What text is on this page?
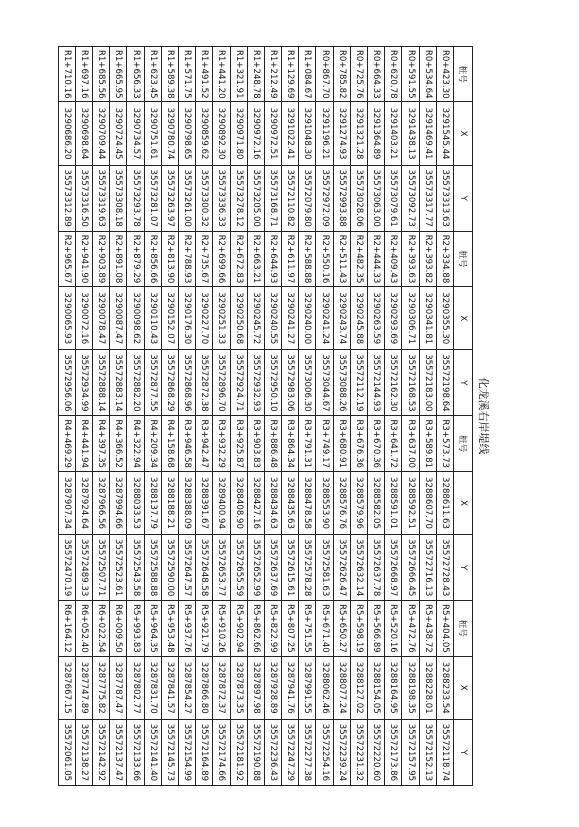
化龙溪右岸堤线
桩号	X	Y	桩号	X	Y	桩号	X	Y	桩号	X	Y
R0+423.30	3291545.44	35573313.63	R2+334.88	3290355.30	35572198.64	R3+573.73	3288611.63	35572728.43	R5+404.05	3288233.54	35572118.74
R0+534.64	3291469.41	35573317.77	R2+393.82	3290341.81	35572183.00	R3+589.81	3288607.70	35572716.13	R5+438.72	3288228.01	35572152.13
R0+591.55	3291438.13	35573092.73	R2+393.63	3290306.71	35572168.53	R3+637.00	3288592.51	35572666.45	R5+472.76	3288198.35	35572157.95
R0+620.78	3291403.21	35573079.61	R2+409.43	3290293.69	35572162.30	R3+641.72	3288591.01	35572668.97	R5+520.16	3288164.95	35572173.86
R0+664.33	3291364.89	35573063.00	R2+444.33	3290263.59	35572144.93	R3+670.36	3288582.05	35572637.78	R5+566.89	3288154.05	35572220.60
R0+725.76	3291321.28	35573028.06	R2+482.35	3290245.88	35572112.19	R3+676.36	3288579.96	35572632.14	R5+598.19	3288127.02	35572231.32
R0+785.82	3291274.93	35572993.88	R2+511.43	3290243.74	35573088.26	R3+680.91	3288576.76	35572626.47	R5+650.27	3288077.24	35572239.24
R0+867.70	3291196.21	35572972.09	R2+550.16	3290241.24	35573044.67	R3+749.17	3288553.90	35572581.63	R5+671.40	3288062.46	35572254.16
R1+084.67	3291048.30	35572079.80	R2+588.88	3290240.00	35573006.30	R3+791.31	3288478.58	35572578.28	R5+751.55	3287991.55	35572277.38
R1+129.69	3291022.41	35572110.82	R2+611.97	3290241.27	35572983.06	R3+864.34	3288435.63	35572615.61	R5+807.25	3287941.76	35572247.29
R1+212.49	3290972.51	35573168.71	R2+644.93	3290240.55	35572950.10	R3+886.48	3288434.63	35572637.69	R5+822.99	3287928.89	35572236.43
R1+248.78	3290972.16	35573205.00	R2+663.21	3290245.72	35572932.93	R3+903.83	3288427.16	35572652.99	R5+862.66	3287897.98	35572190.88
R1+321.91	3290971.80	35573278.12	R2+672.83	3290250.68	35572924.71	R3+925.87	3288408.90	35572655.59	R5+902.94	3287873.35	35572181.92
R1+441.20	3290892.30	35573336.33	R2+699.66	3290251.33	35572896.70	R3+932.29	3289400.94	35572653.77	R5+910.26	3287872.37	35572174.66
R1+491.52	3290859.62	35573300.32	R2+735.67	3290227.70	35572872.38	R3+942.47	3288391.67	35572648.58	R5+921.79	3287866.80	35572164.89
R1+571.75	3290798.65	35573261.00	R2+788.93	3290176.30	35572868.96	R3+946.58	3288388.09	35572647.57	R5+937.76	3287854.27	35572154.99
R1+589.38	3290780.74	35573263.97	R2+813.90	3290152.07	35572868.29	R4+158.68	3288188.21	35572590.00	R5+953.48	3287841.57	35572145.73
R1+623.45	3290751.61	35573281.07	R2+856.66	3290110.43	35572877.55	R4+209.34	3288137.79	35572588.88	R5+964.35	3287831.70	35572141.40
R1+656.33	3290734.57	35573293.78	R2+879.29	3290098.62	35572882.20	R4+322.94	3288033.53	35572543.58	R5+993.83	3287802.77	35572133.66
R1+665.95	3290724.45	35573308.18	R2+891.08	3290087.47	35572883.14	R4+366.52	3287994.66	35572523.61	R6+009.50	3287787.47	35572137.47
R1+685.56	3290709.44	35573319.63	R2+903.89	3290078.47	35572888.14	R4+397.35	3287966.56	35572507.71	R6+022.54	3287775.82	35572142.92
R1+697.16	3290698.64	35573316.50	R2+941.90	3290072.16	35572934.99	R4+441.94	3287924.64	35572489.33	R6+052.40	3287747.89	35572138.27
R1+710.16	3290686.20	35573312.89	R2+965.67	3290065.93	35572956.06	R4+469.29	3287907.34	35572470.19	R6+164.12	3287667.15	35572061.05
